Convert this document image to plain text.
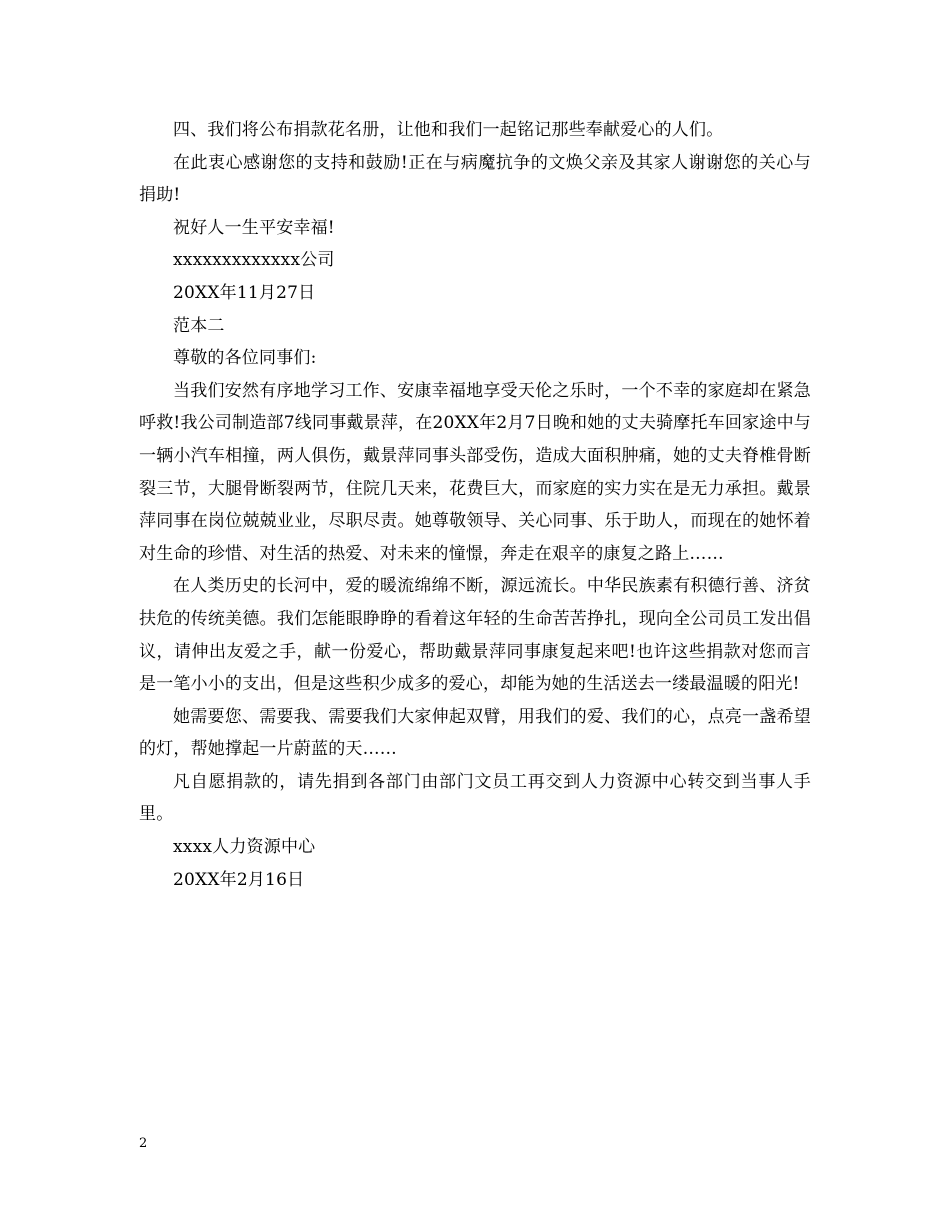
四、我们将公布捐款花名册，让他和我们一起铭记那些奉献爱心的人们。

在此衷心感谢您的支持和鼓励!正在与病魔抗争的文焕父亲及其家人谢谢您的关心与捐助!

祝好人一生平安幸福!

xxxxxxxxxxxxx公司

20XX年11月27日

范本二

尊敬的各位同事们:

当我们安然有序地学习工作、安康幸福地享受天伦之乐时，一个不幸的家庭却在紧急呼救!我公司制造部7线同事戴景萍，在20XX年2月7日晚和她的丈夫骑摩托车回家途中与一辆小汽车相撞，两人俱伤，戴景萍同事头部受伤，造成大面积肿痛，她的丈夫脊椎骨断裂三节，大腿骨断裂两节，住院几天来，花费巨大，而家庭的实力实在是无力承担。戴景萍同事在岗位兢兢业业，尽职尽责。她尊敬领导、关心同事、乐于助人，而现在的她怀着对生命的珍惜、对生活的热爱、对未来的憧憬，奔走在艰辛的康复之路上……

在人类历史的长河中，爱的暖流绵绵不断，源远流长。中华民族素有积德行善、济贫扶危的传统美德。我们怎能眼睁睁的看着这年轻的生命苦苦挣扎，现向全公司员工发出倡议，请伸出友爱之手，献一份爱心，帮助戴景萍同事康复起来吧!也许这些捐款对您而言是一笔小小的支出，但是这些积少成多的爱心，却能为她的生活送去一缕最温暖的阳光!

她需要您、需要我、需要我们大家伸起双臂，用我们的爱、我们的心，点亮一盏希望的灯，帮她撑起一片蔚蓝的天……

凡自愿捐款的，请先捐到各部门由部门文员工再交到人力资源中心转交到当事人手里。

xxxx人力资源中心

20XX年2月16日

2
